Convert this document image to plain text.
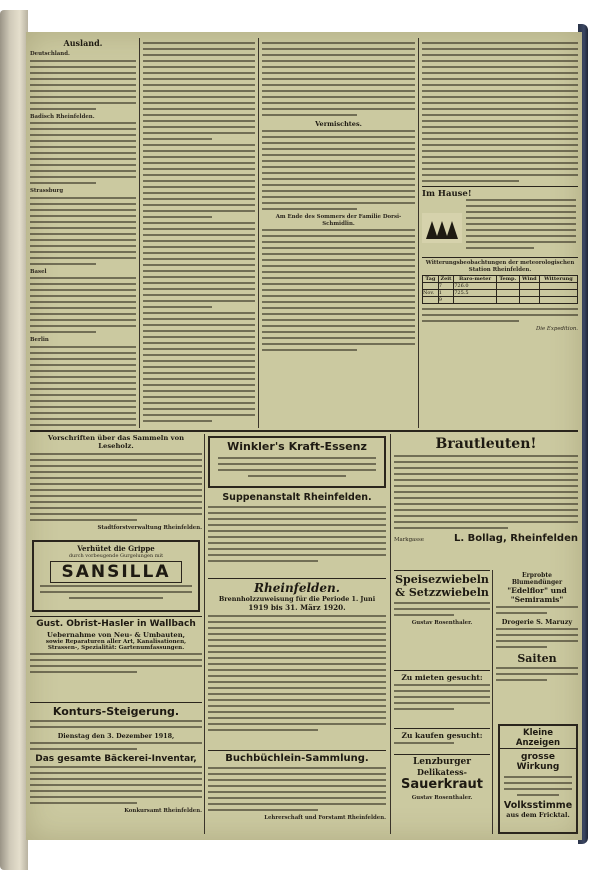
Ausland.
Deutschland.
Badisch Rheinfelden.
Strassburg
Basel
Berlin
Vermischtes.
Am Ende des Sommers der Familie Dorsi-Schmidlin.
Im Hause!
Witterungsbeobachtungen der meteorologischen Station Rheinfelden.
Tag	Zeit	Baro-meter	Temp.	Wind	Witterung
	7	726.0			
Nov.	1	725.5			
	9				
Die Expedition.
Vorschriften über das Sammeln von Leseholz.
Stadtforstverwaltung Rheinfelden.
Verhütet die Grippe
durch vorbeugende Gurgelungen mit
SANSILLA
Gust. Obrist-Hasler in Wallbach
Uebernahme von Neu- & Umbauten,
sowie Reparaturen aller Art, Kanalisationen,
Strassen-, Spezialität: Gartenumfassungen.
Konturs-Steigerung.
Dienstag den 3. Dezember 1918,
Das gesamte Bäckerei-Inventar,
Konkursamt Rheinfelden.
Winkler's Kraft-Essenz
Suppenanstalt Rheinfelden.
Rheinfelden.
Brennholzzuweisung für die Periode 1. Juni
1919 bis 31. März 1920.
Buchbüchlein-Sammlung.
Lehrerschaft und Forstamt Rheinfelden.
Brautleuten!
Markgasse	L. Bollag, Rheinfelden
Speisezwiebeln
& Setzzwiebeln
Gustav Rosenthaler.
Zu mieten gesucht:
Zu kaufen gesucht:
Lenzburger
Delikatess-
Sauerkraut
Gustav Rosenthaler.
Erprobte Blumendünger
"Edelflor" und "Semiramis"
Drogerie S. Maruzy
Saiten
Kleine Anzeigen
grosse Wirkung
Volksstimme
aus dem Fricktal.
